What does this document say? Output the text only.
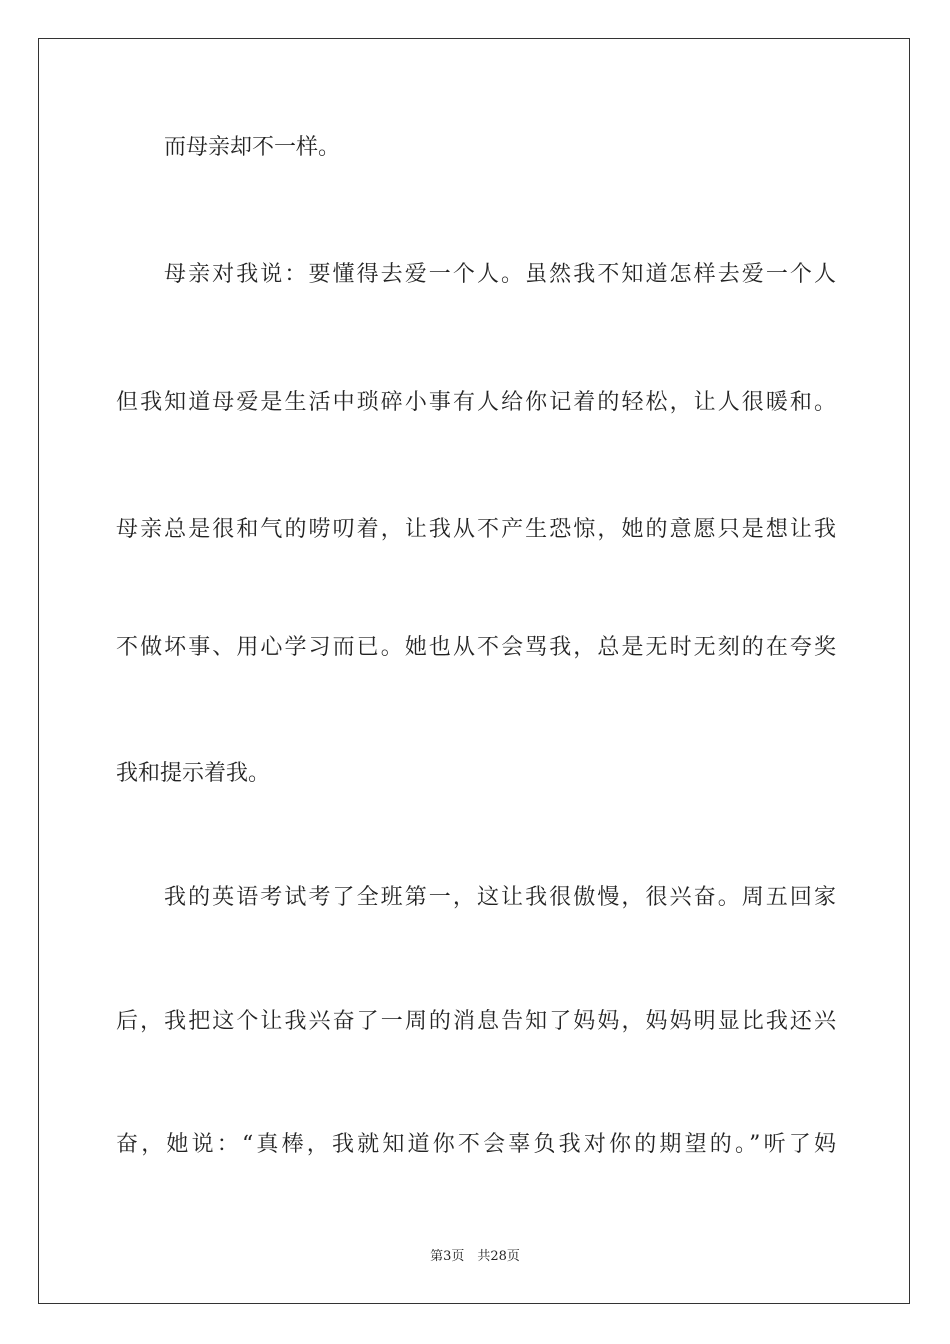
而母亲却不一样。
母亲对我说：要懂得去爱一个人。虽然我不知道怎样去爱一个人
但我知道母爱是生活中琐碎小事有人给你记着的轻松，让人很暖和。
母亲总是很和气的唠叨着，让我从不产生恐惊，她的意愿只是想让我
不做坏事、用心学习而已。她也从不会骂我，总是无时无刻的在夸奖
我和提示着我。
我的英语考试考了全班第一，这让我很傲慢，很兴奋。周五回家
后，我把这个让我兴奋了一周的消息告知了妈妈，妈妈明显比我还兴
奋，她说：“真棒，我就知道你不会辜负我对你的期望的。”听了妈
第3页　共28页
